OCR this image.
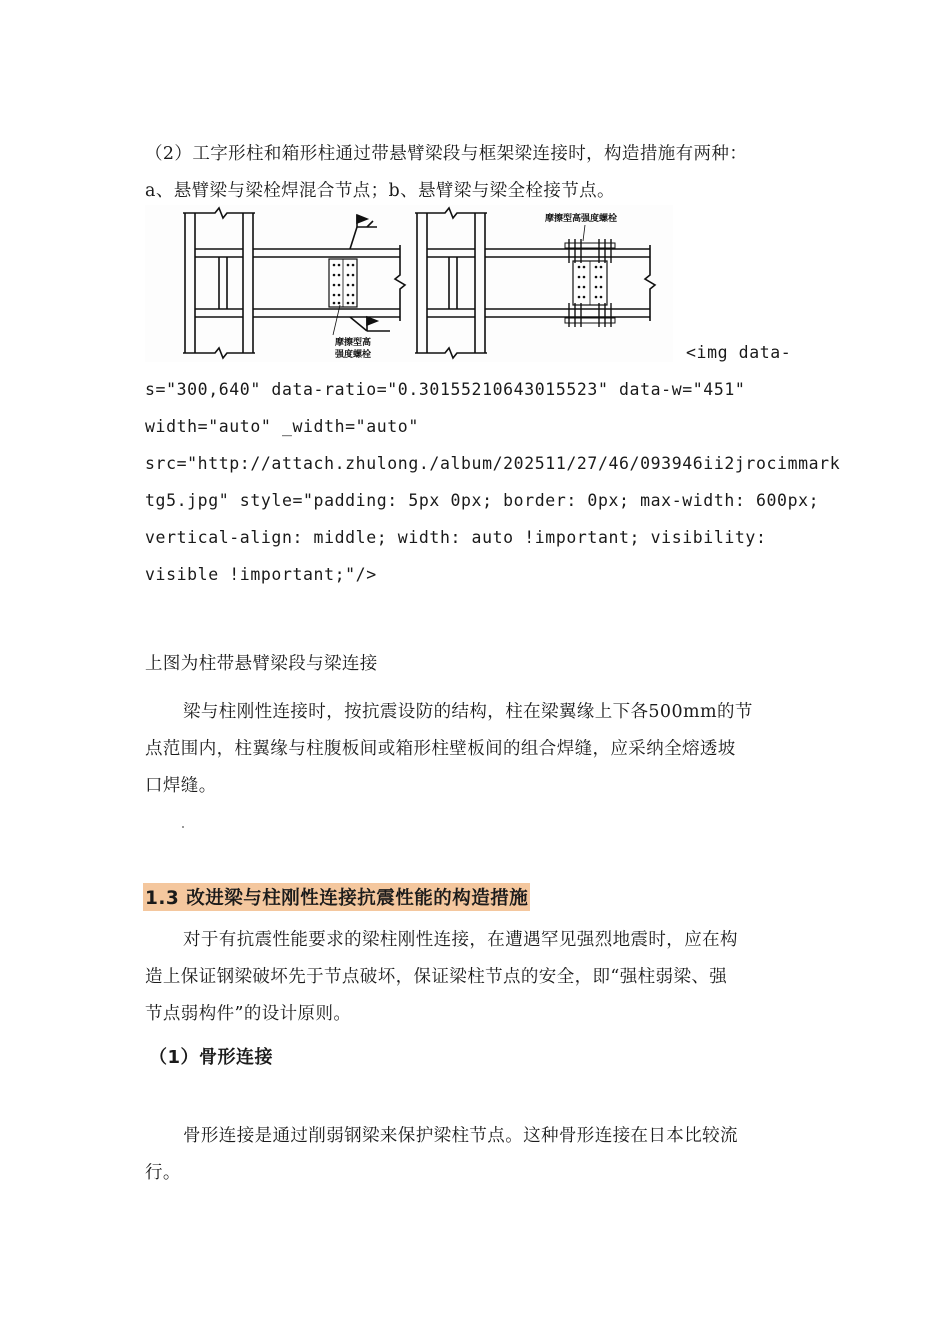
（2）工字形柱和箱形柱通过带悬臂梁段与框架梁连接时，构造措施有两种：
a、悬臂梁与梁栓焊混合节点；b、悬臂梁与梁全栓接节点。
摩擦型高
强度螺栓
摩擦型高强度螺栓
<img data-
s="300,640" data-ratio="0.30155210643015523" data-w="451"
width="auto" _width="auto"
src="http://attach.zhulong./album/202511/27/46/093946ii2jrocimmark
tg5.jpg" style="padding: 5px 0px; border: 0px; max-width: 600px;
vertical-align: middle; width: auto !important; visibility:
visible !important;"/>
上图为柱带悬臂梁段与梁连接
梁与柱刚性连接时，按抗震设防的结构，柱在梁翼缘上下各500mm的节
点范围内，柱翼缘与柱腹板间或箱形柱壁板间的组合焊缝，应采纳全熔透坡
口焊缝。
1.3 改进梁与柱刚性连接抗震性能的构造措施
对于有抗震性能要求的梁柱刚性连接，在遭遇罕见强烈地震时，应在构
造上保证钢梁破坏先于节点破坏，保证梁柱节点的安全，即“强柱弱梁、强
节点弱构件”的设计原则。
（1）骨形连接
骨形连接是通过削弱钢梁来保护梁柱节点。这种骨形连接在日本比较流
行。
